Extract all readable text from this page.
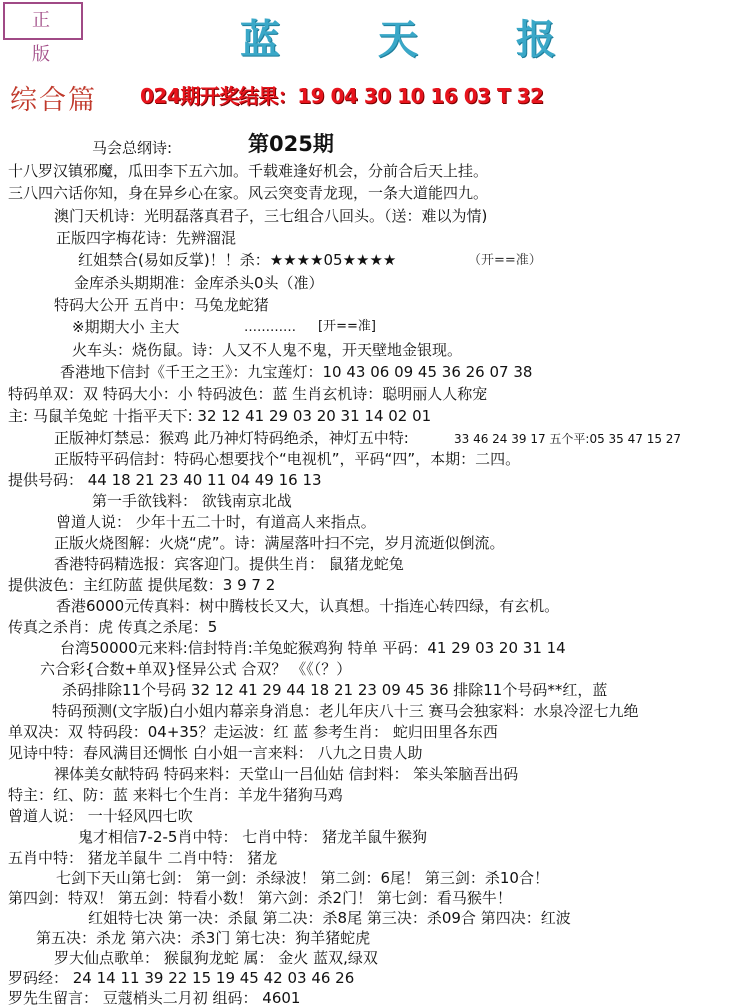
正 版	蓝 天 报
综合篇 024期开奖结果：19 04 30 10 16 03 T 32
第025期
马会总纲诗:
十八罗汉镇邪魔，瓜田李下五六加。千载难逢好机会，分前合后天上挂。
三八四六话你知，身在异乡心在家。风云突变青龙现，一条大道能四九。
澳门天机诗：光明磊落真君子，三七组合八回头。（送：难以为情)
正版四字梅花诗：先辨溜混
红姐禁合(易如反掌)！！杀：★★★★05★★★★	（开==准）
金库杀头期期准：金库杀头0头（准）
特码大公开 五肖中：马兔龙蛇猪
※期期大小 主大	………… [开==准]
火车头：烧伤鼠。诗：人又不人鬼不鬼，开天壁地金银现。
香港地下信封《千王之王》：九宝莲灯：10 43 06 09 45 36 26 07 38
特码单双：双 特码大小：小 特码波色：蓝 生肖玄机诗：聪明丽人人称宠
主: 马鼠羊兔蛇 十指平天下: 32 12 41 29 03 20 31 14 02 01
正版神灯禁忌：猴鸡 此乃神灯特码绝杀，神灯五中特:	33 46 24 39 17 五个平:05 35 47 15 27
正版特平码信封：特码心想要找个“电视机”，平码“四”，本期：二四。
提供号码： 44 18 21 23 40 11 04 49 16 13
第一手欲钱料： 欲钱南京北战
曾道人说： 少年十五二十时，有道高人来指点。
正版火烧图解：火烧“虎”。诗：满屋落叶扫不完，岁月流逝似倒流。
香港特码精选报：宾客迎门。提供生肖： 鼠猪龙蛇兔
提供波色：主红防蓝 提供尾数：3 9 7 2
香港6000元传真料：树中腾枝长又大，认真想。十指连心转四绿，有玄机。
传真之杀肖：虎 传真之杀尾：5
台湾50000元来料:信封特肖:羊兔蛇猴鸡狗 特单 平码：41 29 03 20 31 14
六合彩{合数+单双}怪异公式 合双？ 《《（？）
杀码排除11个号码 32 12 41 29 44 18 21 23 09 45 36 排除11个号码**红，蓝
特码预测(文字版)白小姐内幕亲身消息：老儿年庆八十三 赛马会独家料：水泉冷涩七九绝
单双决：双 特码段：04+35？走运波：红 蓝 参考生肖： 蛇归田里各东西
见诗中特：春风满目还惆怅 白小姐一言来料： 八九之日贵人助
裸体美女献特码 特码来料：天堂山一吕仙姑 信封料： 笨头笨脑吾出码
特主：红、防：蓝 来料七个生肖：羊龙牛猪狗马鸡
曾道人说： 一十轻风四七吹
鬼才相信7-2-5肖中特： 七肖中特： 猪龙羊鼠牛猴狗
五肖中特： 猪龙羊鼠牛 二肖中特： 猪龙
七剑下天山第七剑： 第一剑：杀绿波！ 第二剑：6尾！ 第三剑：杀10合！
第四剑：特双！ 第五剑：特看小数！ 第六剑：杀2门！ 第七剑：看马猴牛！
红姐特七决 第一决：杀鼠 第二决：杀8尾 第三决：杀09合 第四决：红波
第五决：杀龙 第六决：杀3门 第七决：狗羊猪蛇虎
罗大仙点歌单： 猴鼠狗龙蛇 属： 金火 蓝双,绿双
罗码经： 24 14 11 39 22 15 19 45 42 03 46 26
罗先生留言： 豆蔻梢头二月初 组码： 4601
